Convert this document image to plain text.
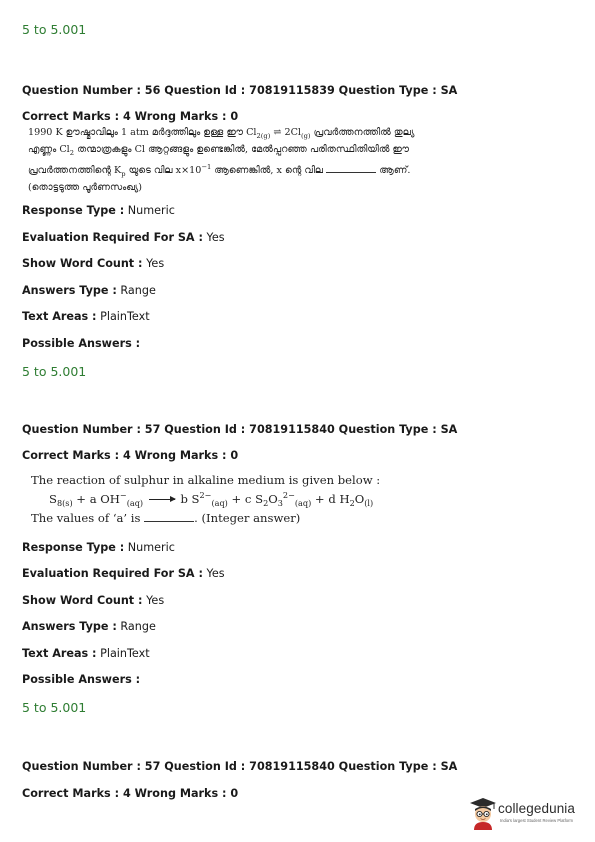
5 to 5.001
Question Number : 56 Question Id : 70819115839 Question Type : SA
Correct Marks : 4 Wrong Marks : 0
1990 K ഊഷ്മാവിലും 1 atm മർദ്ദത്തിലും ഉള്ള ഈ $Cl_{2(g)}$ ⇌ $2Cl_{(g)}$ പ്രവർത്തനത്തിൽ തുല്യ
എണ്ണം $Cl_2$ തന്മാത്രകളും Cl ആറ്റങ്ങളും ഉണ്ടെങ്കിൽ, മേൽപ്പറഞ്ഞ പരിതസ്ഥിതിയിൽ ഈ
പ്രവർത്തനത്തിന്റെ $K_p$ യുടെ വില $x\times 10^{-1}$ ആണെങ്കിൽ, x ന്റെ വില	ആണ്.
(തൊട്ടടുത്ത പൂർണസംഖ്യ)
Response Type : Numeric
Evaluation Required For SA : Yes
Show Word Count : Yes
Answers Type : Range
Text Areas : PlainText
Possible Answers :
5 to 5.001
Question Number : 57 Question Id : 70819115840 Question Type : SA
Correct Marks : 4 Wrong Marks : 0
The reaction of sulphur in alkaline medium is given below :
$S_{8(s)} + a$ $OH^-_{(aq)} \to b$ $S^{2-}_{(aq)} + c$ $S_2O_3^{2-}_{(aq)} + d$ $H_2O_{(l)}$
The values of ‘a’ is	. (Integer answer)
Response Type : Numeric
Evaluation Required For SA : Yes
Show Word Count : Yes
Answers Type : Range
Text Areas : PlainText
Possible Answers :
5 to 5.001
Question Number : 57 Question Id : 70819115840 Question Type : SA
Correct Marks : 4 Wrong Marks : 0
collegedunia
India's largest Student Review Platform
